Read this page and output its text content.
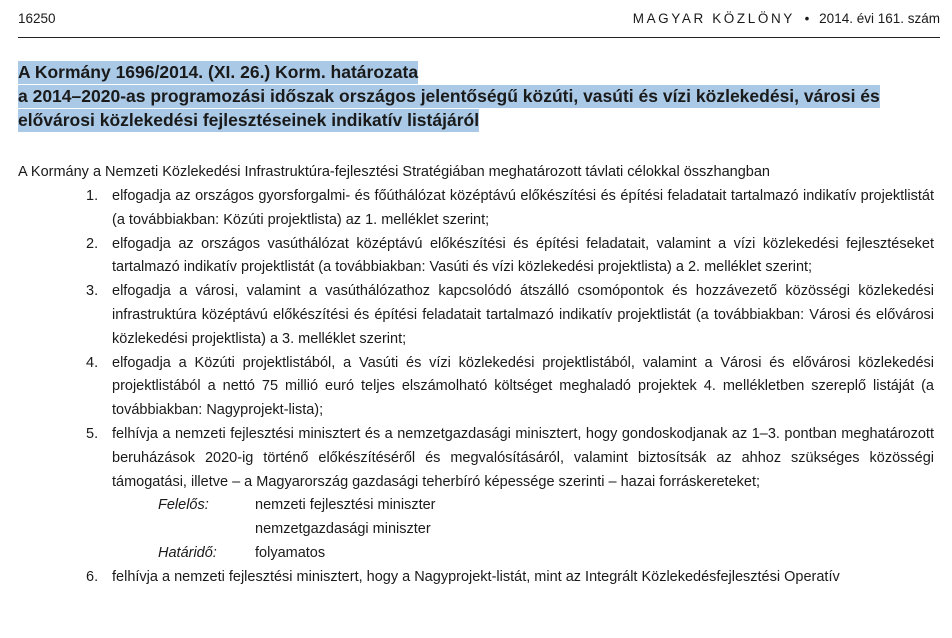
16250	MAGYAR KÖZLÖNY • 2014. évi 161. szám
A Kormány 1696/2014. (XI. 26.) Korm. határozata
a 2014–2020-as programozási időszak országos jelentőségű közúti, vasúti és vízi közlekedési, városi és
elővárosi közlekedési fejlesztéseinek indikatív listájáról
A Kormány a Nemzeti Közlekedési Infrastruktúra-fejlesztési Stratégiában meghatározott távlati célokkal összhangban
1. elfogadja az országos gyorsforgalmi- és főúthálózat középtávú előkészítési és építési feladatait tartalmazó indikatív projektlistát (a továbbiakban: Közúti projektlista) az 1. melléklet szerint;
2. elfogadja az országos vasúthálózat középtávú előkészítési és építési feladatait, valamint a vízi közlekedési fejlesztéseket tartalmazó indikatív projektlistát (a továbbiakban: Vasúti és vízi közlekedési projektlista) a 2. melléklet szerint;
3. elfogadja a városi, valamint a vasúthálózathoz kapcsolódó átszálló csomópontok és hozzávezető közösségi közlekedési infrastruktúra középtávú előkészítési és építési feladatait tartalmazó indikatív projektlistát (a továbbiakban: Városi és elővárosi közlekedési projektlista) a 3. melléklet szerint;
4. elfogadja a Közúti projektlistából, a Vasúti és vízi közlekedési projektlistából, valamint a Városi és elővárosi közlekedési projektlistából a nettó 75 millió euró teljes elszámolható költséget meghaladó projektek 4. mellékletben szereplő listáját (a továbbiakban: Nagyprojekt-lista);
5. felhívja a nemzeti fejlesztési minisztert és a nemzetgazdasági minisztert, hogy gondoskodjanak az 1–3. pontban meghatározott beruházások 2020-ig történő előkészítéséről és megvalósításáról, valamint biztosítsák az ahhoz szükséges közösségi támogatási, illetve – a Magyarország gazdasági teherbíró képessége szerinti – hazai forráskereteket;
Felelős:	nemzeti fejlesztési miniszter
nemzetgazdasági miniszter
Határidő:	folyamatos
6. felhívja a nemzeti fejlesztési minisztert, hogy a Nagyprojekt-listát, mint az Integrált Közlekedésfejlesztési Operatív
